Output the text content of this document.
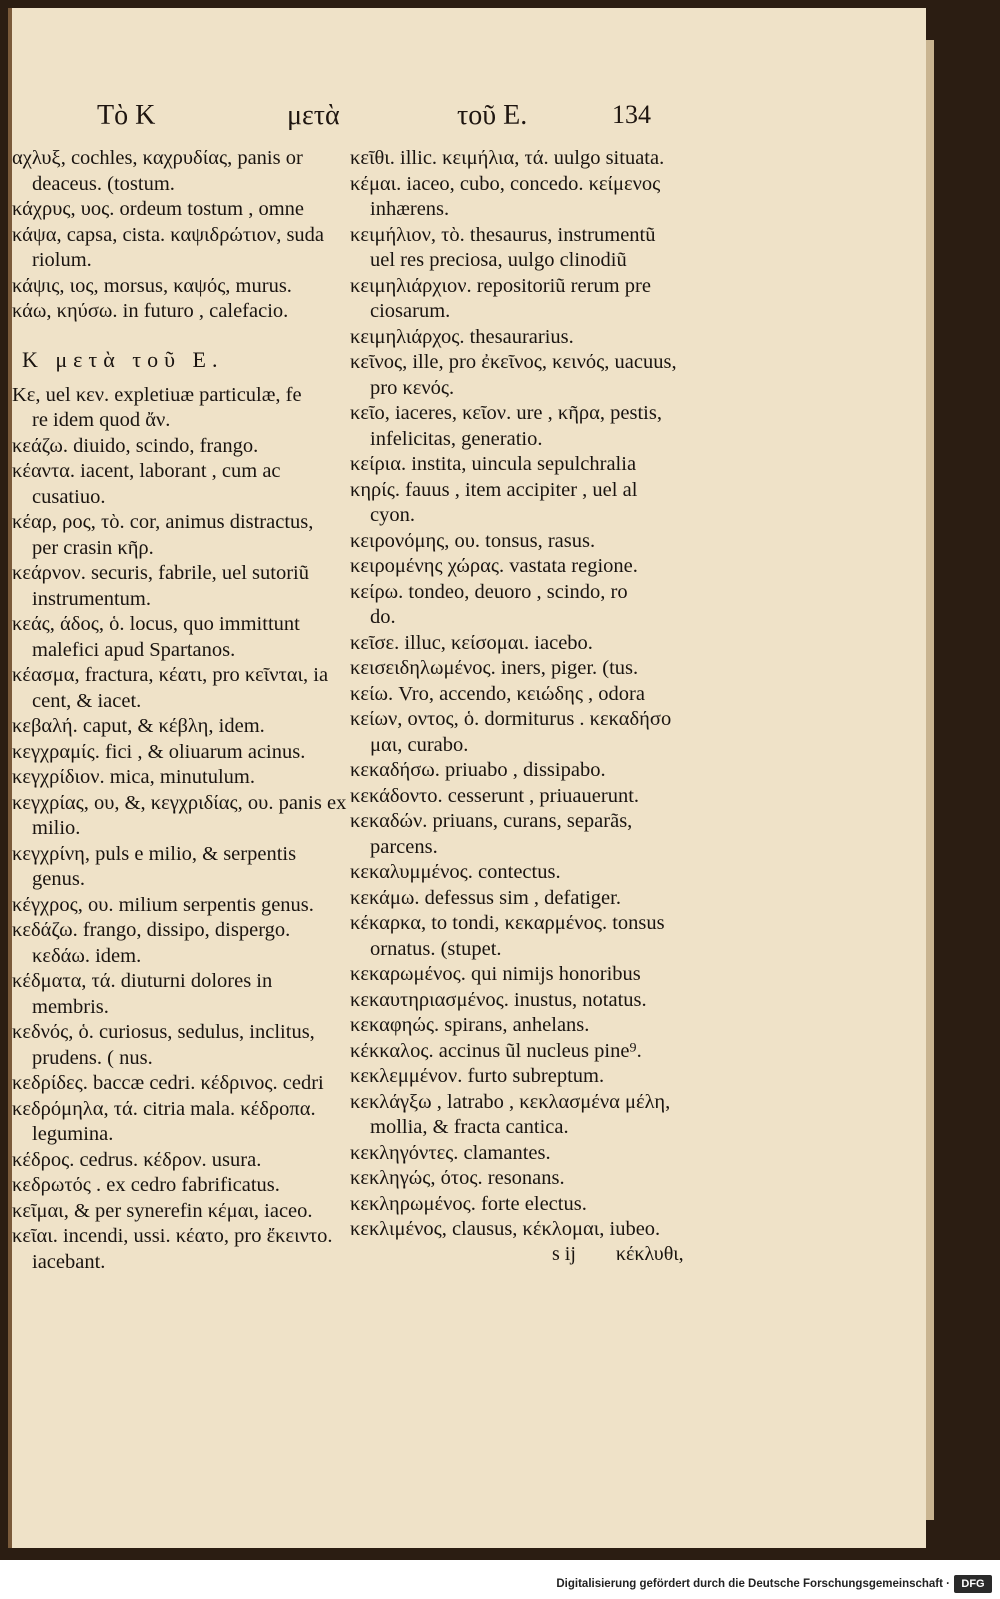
Τὸ Κ	μετὰ	τοῦ Ε.	134
αχλυξ, cochles, καχρυδίας, panis or
deaceus. (tostum.
κάχρυς, υος. ordeum tostum , omne
κάψα, capsa, cista. καψιδρώτιον, suda
riolum.
κάψις, ιος, morsus, καψός, murus.
κάω, κηύσω. in futuro , calefacio.
Κ μετὰ τοῦ Ε.
Κε, uel κεν. expletiuæ particulæ, fe
re idem quod ἄν.
κεάζω. diuido, scindo, frango.
κέαντα. iacent, laborant , cum ac
cusatiuo.
κέαρ, ρος, τὸ. cor, animus distractus,
per crasin κῆρ.
κεάρνον. securis, fabrile, uel sutoriũ
instrumentum.
κεάς, άδος, ὁ. locus, quo immittunt
malefici apud Spartanos.
κέασμα, fractura, κέατι, pro κεῖνται, ia
cent, & iacet.
κεβαλή. caput, & κέβλη, idem.
κεγχραμίς. fici , & oliuarum acinus.
κεγχρίδιον. mica, minutulum.
κεγχρίας, ου, &, κεγχριδίας, ου. panis ex
milio.
κεγχρίνη, puls e milio, & serpentis
genus.
κέγχρος, ου. milium serpentis genus.
κεδάζω. frango, dissipo, dispergo.
κεδάω. idem.
κέδματα, τά. diuturni dolores in
membris.
κεδνός, ὁ. curiosus, sedulus, inclitus,
prudens. ( nus.
κεδρίδες. baccæ cedri. κέδρινος. cedri
κεδρόμηλα, τά. citria mala. κέδροπα.
legumina.
κέδρος. cedrus. κέδρον. usura.
κεδρωτός . ex cedro fabrificatus.
κεῖμαι, & per synerefin κέμαι, iaceo.
κεῖαι. incendi, ussi. κέατο, pro ἔκειντο.
iacebant.
κεῖθι. illic. κειμήλια, τά. uulgo situata.
κέμαι. iaceo, cubo, concedo. κείμενος
inhærens.
κειμήλιον, τὸ. thesaurus, instrumentũ
uel res preciosa, uulgo clinodiũ
κειμηλιάρχιον. repositoriũ rerum pre
ciosarum.
κειμηλιάρχος. thesaurarius.
κεῖνος, ille, pro ἐκεῖνος, κεινός, uacuus,
pro κενός.
κεῖο, iaceres, κεῖον. ure , κῆρα, pestis,
infelicitas, generatio.
κείρια. instita, uincula sepulchralia
κηρίς. fauus , item accipiter , uel al
cyon.
κειρονόμης, ου. tonsus, rasus.
κειρομένης χώρας. vastata regione.
κείρω. tondeo, deuoro , scindo, ro
do.
κεῖσε. illuc, κείσομαι. iacebo.
κεισειδηλωμένος. iners, piger. (tus.
κείω. Vro, accendo, κειώδης , odora
κείων, οντος, ὁ. dormiturus . κεκαδήσο
μαι, curabo.
κεκαδήσω. priuabo , dissipabo.
κεκάδοντο. cesserunt , priuauerunt.
κεκαδών. priuans, curans, separãs,
parcens.
κεκαλυμμένος. contectus.
κεκάμω. defessus sim , defatiger.
κέκαρκα, to tondi, κεκαρμένος. tonsus
ornatus. (stupet.
κεκαρωμένος. qui nimijs honoribus
κεκαυτηριασμένος. inustus, notatus.
κεκαφηώς. spirans, anhelans.
κέκκαλος. accinus ũl nucleus pine⁹.
κεκλεμμένον. furto subreptum.
κεκλάγξω , latrabo , κεκλασμένα μέλη,
mollia, & fracta cantica.
κεκληγόντες. clamantes.
κεκληγώς, ότος. resonans.
κεκληρωμένος. forte electus.
κεκλιμένος, clausus, κέκλομαι, iubeo.
s ij κέκλυθι,
Digitalisierung gefördert durch die Deutsche Forschungsgemeinschaft ·	DFG
